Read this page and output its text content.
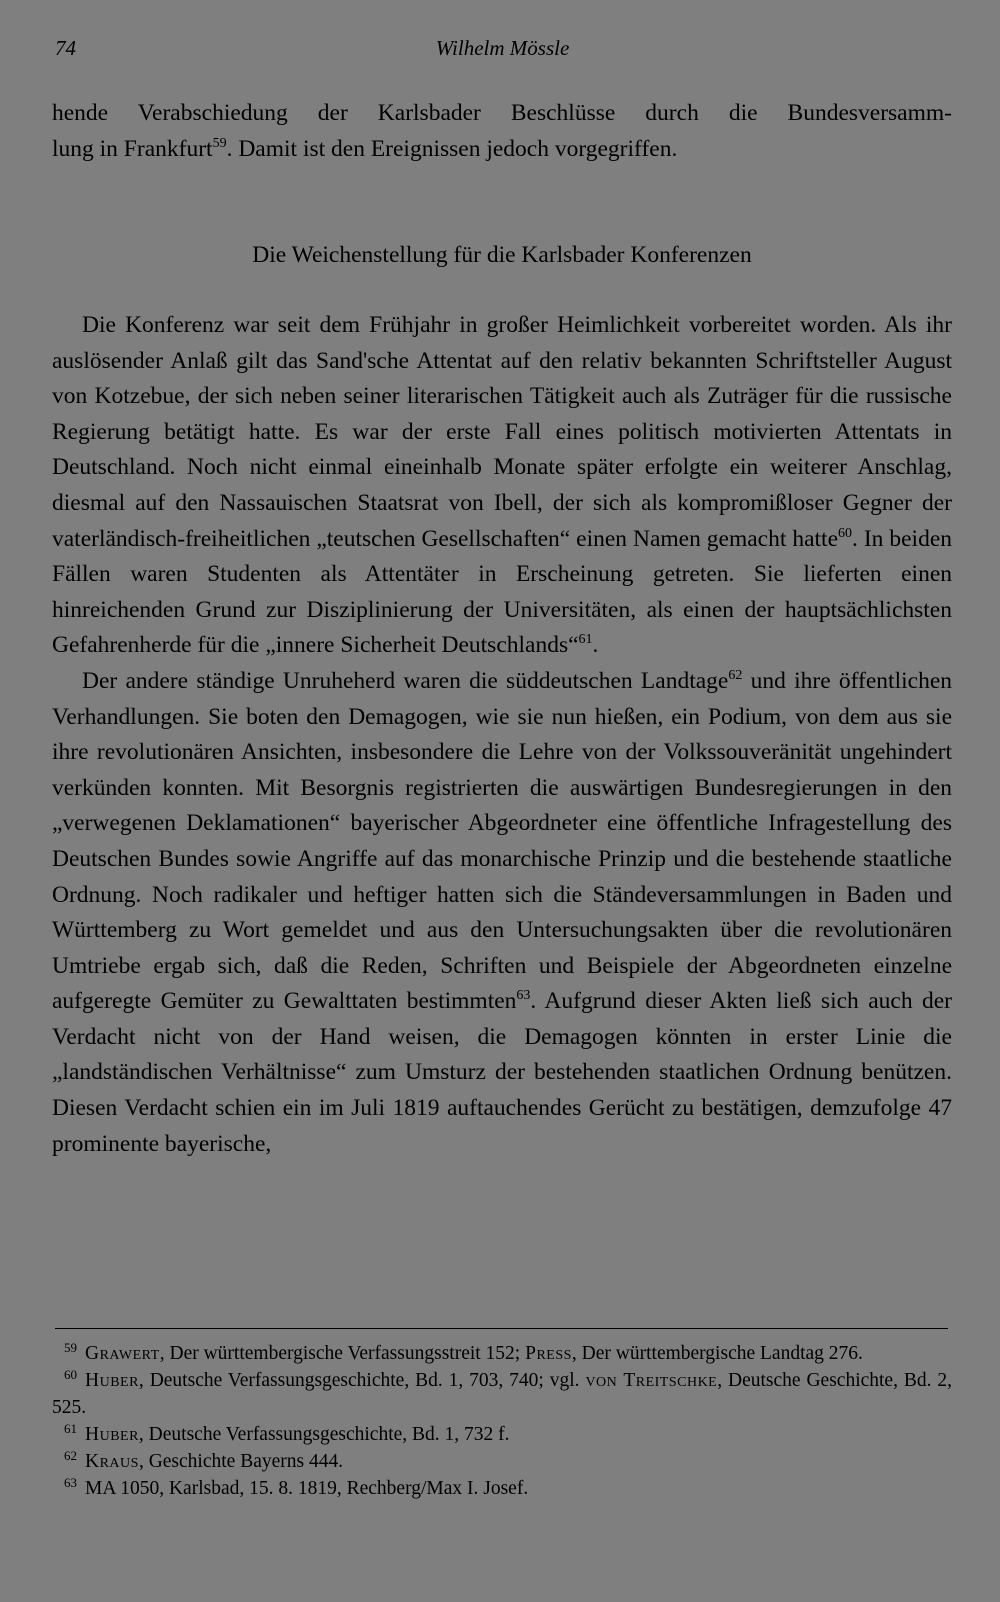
74	Wilhelm Mössle

hende Verabschiedung der Karlsbader Beschlüsse durch die Bundesversamm-

lung in Frankfurt$^{59}$. Damit ist den Ereignissen jedoch vorgegriffen.

Die Weichenstellung für die Karlsbader Konferenzen

Die Konferenz war seit dem Frühjahr in großer Heimlichkeit vorbereitet worden. Als ihr auslösender Anlaß gilt das Sand'sche Attentat auf den relativ bekannten Schriftsteller August von Kotzebue, der sich neben seiner literarischen Tätigkeit auch als Zuträger für die russische Regierung betätigt hatte. Es war der erste Fall eines politisch motivierten Attentats in Deutschland. Noch nicht einmal eineinhalb Monate später erfolgte ein weiterer Anschlag, diesmal auf den Nassauischen Staatsrat von Ibell, der sich als kompromißloser Gegner der vaterländisch-freiheitlichen „teutschen Gesellschaften“ einen Namen gemacht hatte$^{60}$. In beiden Fällen waren Studenten als Attentäter in Erscheinung getreten. Sie lieferten einen hinreichenden Grund zur Disziplinierung der Universitäten, als einen der hauptsächlichsten Gefahrenherde für die „innere Sicherheit Deutschlands“$^{61}$.

Der andere ständige Unruheherd waren die süddeutschen Landtage$^{62}$ und ihre öffentlichen Verhandlungen. Sie boten den Demagogen, wie sie nun hießen, ein Podium, von dem aus sie ihre revolutionären Ansichten, insbesondere die Lehre von der Volkssouveränität ungehindert verkünden konnten. Mit Besorgnis registrierten die auswärtigen Bundesregierungen in den „verwegenen Deklamationen“ bayerischer Abgeordneter eine öffentliche Infragestellung des Deutschen Bundes sowie Angriffe auf das monarchische Prinzip und die bestehende staatliche Ordnung. Noch radikaler und heftiger hatten sich die Ständeversammlungen in Baden und Württemberg zu Wort gemeldet und aus den Untersuchungsakten über die revolutionären Umtriebe ergab sich, daß die Reden, Schriften und Beispiele der Abgeordneten einzelne aufgeregte Gemüter zu Gewalttaten bestimmten$^{63}$. Aufgrund dieser Akten ließ sich auch der Verdacht nicht von der Hand weisen, die Demagogen könnten in erster Linie die „landständischen Verhältnisse“ zum Umsturz der bestehenden staatlichen Ordnung benützen. Diesen Verdacht schien ein im Juli 1819 auftauchendes Gerücht zu bestätigen, demzufolge 47 prominente bayerische,

$^{59}$ Grawert, Der württembergische Verfassungsstreit 152; Press, Der württembergische Landtag 276.

$^{60}$ Huber, Deutsche Verfassungsgeschichte, Bd. 1, 703, 740; vgl. von Treitschke, Deutsche Geschichte, Bd. 2, 525.

$^{61}$ Huber, Deutsche Verfassungsgeschichte, Bd. 1, 732 f.

$^{62}$ Kraus, Geschichte Bayerns 444.

$^{63}$ MA 1050, Karlsbad, 15. 8. 1819, Rechberg/Max I. Josef.
